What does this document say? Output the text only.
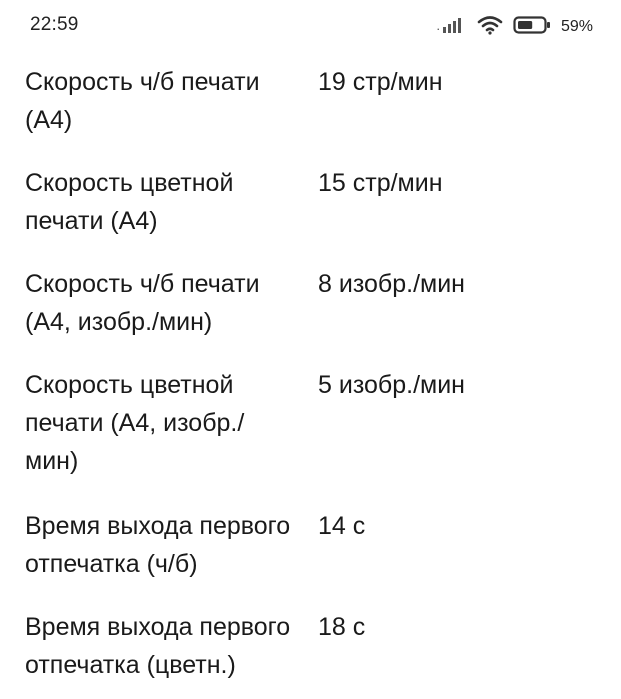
22:59	.	59%
Скорость ч/б печати
(А4)
19 стр/мин
Скорость цветной
печати (А4)
15 стр/мин
Скорость ч/б печати
(А4, изобр./мин)
8 изобр./мин
Скорость цветной
печати (А4, изобр./
мин)
5 изобр./мин
Время выхода первого
отпечатка (ч/б)
14 с
Время выхода первого
отпечатка (цветн.)
18 с
